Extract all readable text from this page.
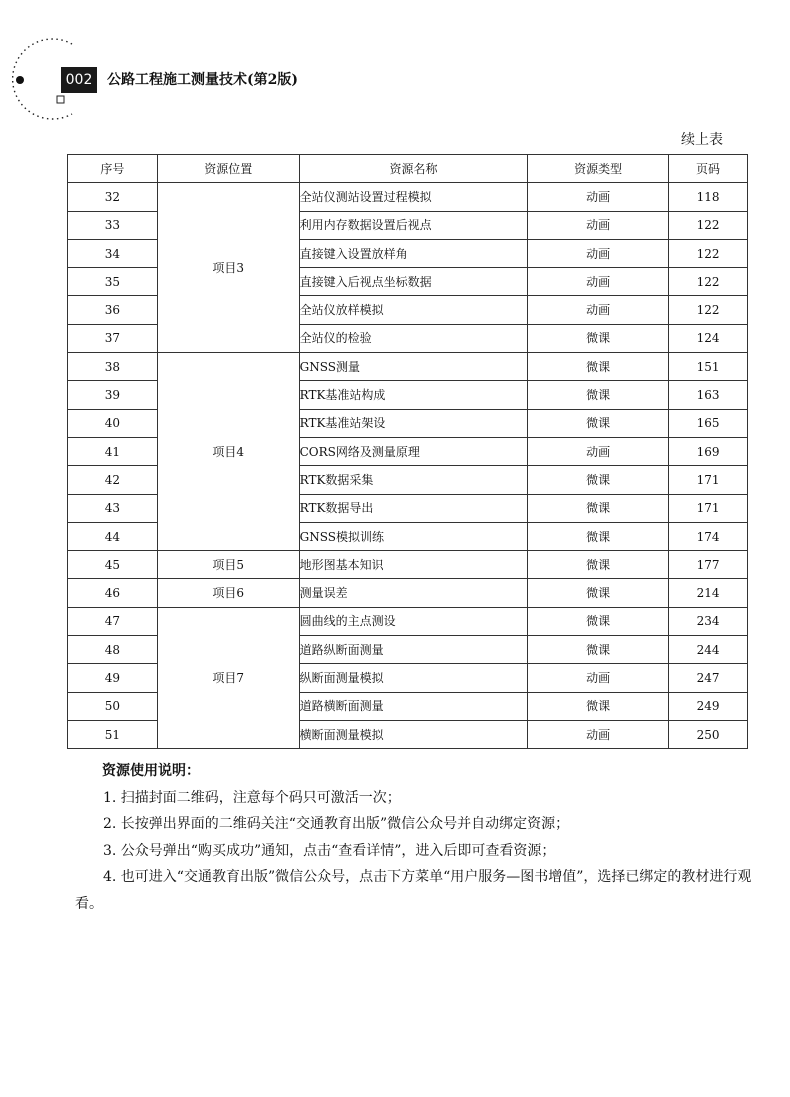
002	公路工程施工测量技术(第2版)
续上表
序号	资源位置	资源名称	资源类型	页码
32	项目3	全站仪测站设置过程模拟	动画	118
33		利用内存数据设置后视点	动画	122
34		直接键入设置放样角	动画	122
35		直接键入后视点坐标数据	动画	122
36		全站仪放样模拟	动画	122
37		全站仪的检验	微课	124
38	项目4	GNSS测量	微课	151
39		RTK基准站构成	微课	163
40		RTK基准站架设	微课	165
41		CORS网络及测量原理	动画	169
42		RTK数据采集	微课	171
43		RTK数据导出	微课	171
44		GNSS模拟训练	微课	174
45	项目5	地形图基本知识	微课	177
46	项目6	测量误差	微课	214
47	项目7	圆曲线的主点测设	微课	234
48		道路纵断面测量	微课	244
49		纵断面测量模拟	动画	247
50		道路横断面测量	微课	249
51		横断面测量模拟	动画	250
资源使用说明：
1. 扫描封面二维码，注意每个码只可激活一次；
2. 长按弹出界面的二维码关注“交通教育出版”微信公众号并自动绑定资源；
3. 公众号弹出“购买成功”通知，点击“查看详情”，进入后即可查看资源；
4. 也可进入“交通教育出版”微信公众号，点击下方菜单“用户服务—图书增值”，选择已绑定的教材进行观看。
